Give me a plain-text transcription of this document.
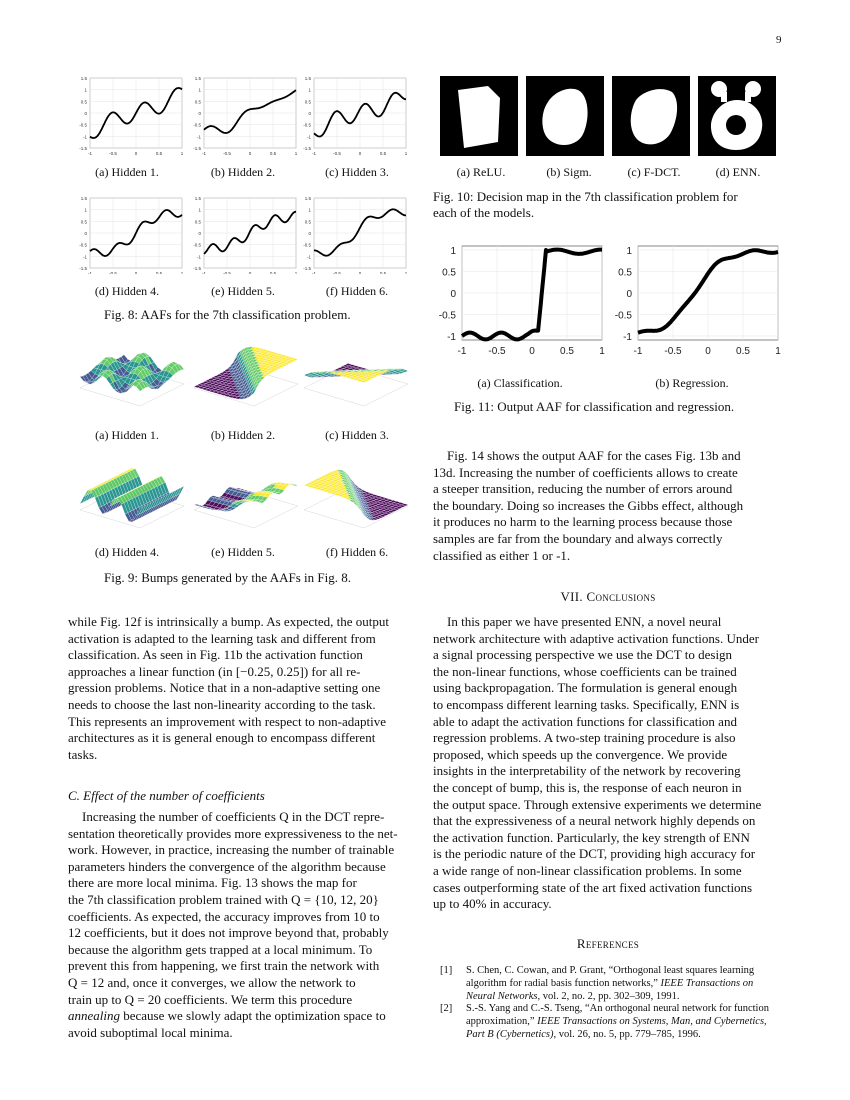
9
1.5
1
0.5
0
-0.5
-1
-1.5
-1	-0.5	0	0.5	1
1.5
1
0.5
0
-0.5
-1
-1.5
-1	-0.5	0	0.5	1
1.5
1
0.5
0
-0.5
-1
-1.5
-1	-0.5	0	0.5	1
1.5
1
0.5
0
-0.5
-1
-1.5
-1	-0.5	0	0.5	1
1.5
1
0.5
0
-0.5
-1
-1.5
-1	-0.5	0	0.5	1
1.5
1
0.5
0
-0.5
-1
-1.5
-1	-0.5	0	0.5	1
(a) Hidden 1.	(b) Hidden 2.	(c) Hidden 3.
(d) Hidden 4.	(e) Hidden 5.	(f) Hidden 6.
Fig. 8: AAFs for the 7th classification problem.
(a) Hidden 1.	(b) Hidden 2.	(c) Hidden 3.
(d) Hidden 4.	(e) Hidden 5.	(f) Hidden 6.
Fig. 9: Bumps generated by the AAFs in Fig. 8.
(a) ReLU.	(b) Sigm.	(c) F-DCT.	(d) ENN.
Fig. 10: Decision map in the 7th classification problem for
each of the models.
1
0.5
0
-0.5
-1
-1 -0.5 0	0.5	1
1
0.5
0
-0.5
-1
-1 -0.5 0	0.5	1
(a) Classification.	(b) Regression.
Fig. 11: Output AAF for classification and regression.

while Fig. 12f is intrinsically a bump. As expected, the output

activation is adapted to the learning task and different from

classification. As seen in Fig. 11b the activation function

approaches a linear function (in [−0.25, 0.25]) for all re-

gression problems. Notice that in a non-adaptive setting one

needs to choose the last non-linearity according to the task.

This represents an improvement with respect to non-adaptive

architectures as it is general enough to encompass different

tasks.

C. Effect of the number of coefficients

Increasing the number of coefficients Q in the DCT repre-

sentation theoretically provides more expressiveness to the net-

work. However, in practice, increasing the number of trainable

parameters hinders the convergence of the algorithm because

there are more local minima. Fig. 13 shows the map for

the 7th classification problem trained with Q = {10, 12, 20}

coefficients. As expected, the accuracy improves from 10 to

12 coefficients, but it does not improve beyond that, probably

because the algorithm gets trapped at a local minimum. To

prevent this from happening, we first train the network with

Q = 12 and, once it converges, we allow the network to

train up to Q = 20 coefficients. We term this procedure

annealing because we slowly adapt the optimization space to

avoid suboptimal local minima.

Fig. 14 shows the output AAF for the cases Fig. 13b and

13d. Increasing the number of coefficients allows to create

a steeper transition, reducing the number of errors around

the boundary. Doing so increases the Gibbs effect, although

it produces no harm to the learning process because those

samples are far from the boundary and always correctly

classified as either 1 or -1.

VII. Conclusions

In this paper we have presented ENN, a novel neural

network architecture with adaptive activation functions. Under

a signal processing perspective we use the DCT to design

the non-linear functions, whose coefficients can be trained

using backpropagation. The formulation is general enough

to encompass different learning tasks. Specifically, ENN is

able to adapt the activation functions for classification and

regression problems. A two-step training procedure is also

proposed, which speeds up the convergence. We provide

insights in the interpretability of the network by recovering

the concept of bump, this is, the response of each neuron in

the output space. Through extensive experiments we determine

that the expressiveness of a neural network highly depends on

the activation function. Particularly, the key strength of ENN

is the periodic nature of the DCT, providing high accuracy for

a wide range of non-linear classification problems. In some

cases outperforming state of the art fixed activation functions

up to 40% in accuracy.

References
[1] S. Chen, C. Cowan, and P. Grant, “Orthogonal least squares learning
algorithm for radial basis function networks,” IEEE Transactions on
Neural Networks, vol. 2, no. 2, pp. 302–309, 1991.
[2] S.-S. Yang and C.-S. Tseng, “An orthogonal neural network for function
approximation,” IEEE Transactions on Systems, Man, and Cybernetics,
Part B (Cybernetics), vol. 26, no. 5, pp. 779–785, 1996.
